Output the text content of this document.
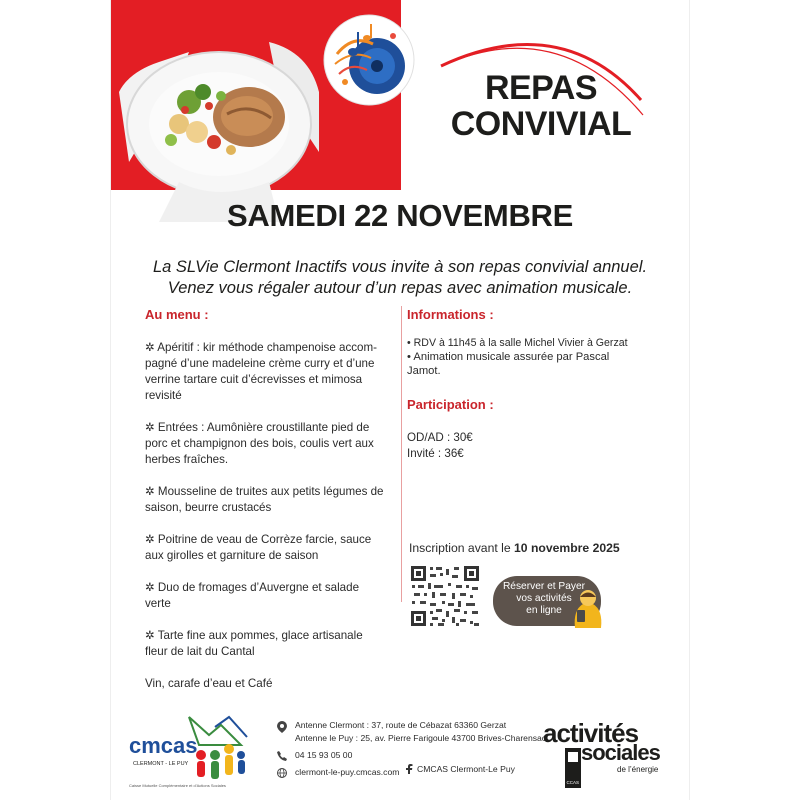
REPAS
CONVIVIAL
SAMEDI 22 NOVEMBRE
La SLVie Clermont Inactifs vous invite à son repas convivial annuel.
Venez vous régaler autour d’un repas avec animation musicale.
Au menu :
✲ Apéritif : kir méthode champenoise accom-
pagné d’une madeleine crème curry et d’une
verrine tartare cuit d’écrevisses et mimosa
revisité
✲ Entrées : Aumônière croustillante pied de
porc et champignon des bois, coulis vert aux
herbes fraîches.
✲ Mousseline de truites aux petits légumes de
saison, beurre crustacés
✲ Poitrine de veau de Corrèze farcie, sauce
aux girolles et garniture de saison
✲ Duo de fromages d’Auvergne et salade
verte
✲ Tarte fine aux pommes, glace artisanale
fleur de lait du Cantal
Vin, carafe d’eau et Café
Informations :
• RDV à 11h45 à la salle Michel Vivier à Gerzat
• Animation musicale assurée par Pascal
Jamot.
Participation :
OD/AD : 30€
Invité : 36€
Inscription avant le 10 novembre 2025
Réserver et Payer
vos activités
en ligne
cmcas
CLERMONT - LE PUY
Caisse Mutuelle Complémentaire et d’Actions Sociales
Antenne Clermont : 37, route de Cébazat 63360 Gerzat
Antenne le Puy : 25, av. Pierre Farigoule 43700 Brives-Charensac
04 15 93 05 00
clermont-le-puy.cmcas.com	CMCAS Clermont-Le Puy
activités
sociales
de l’énergie
CCAS
